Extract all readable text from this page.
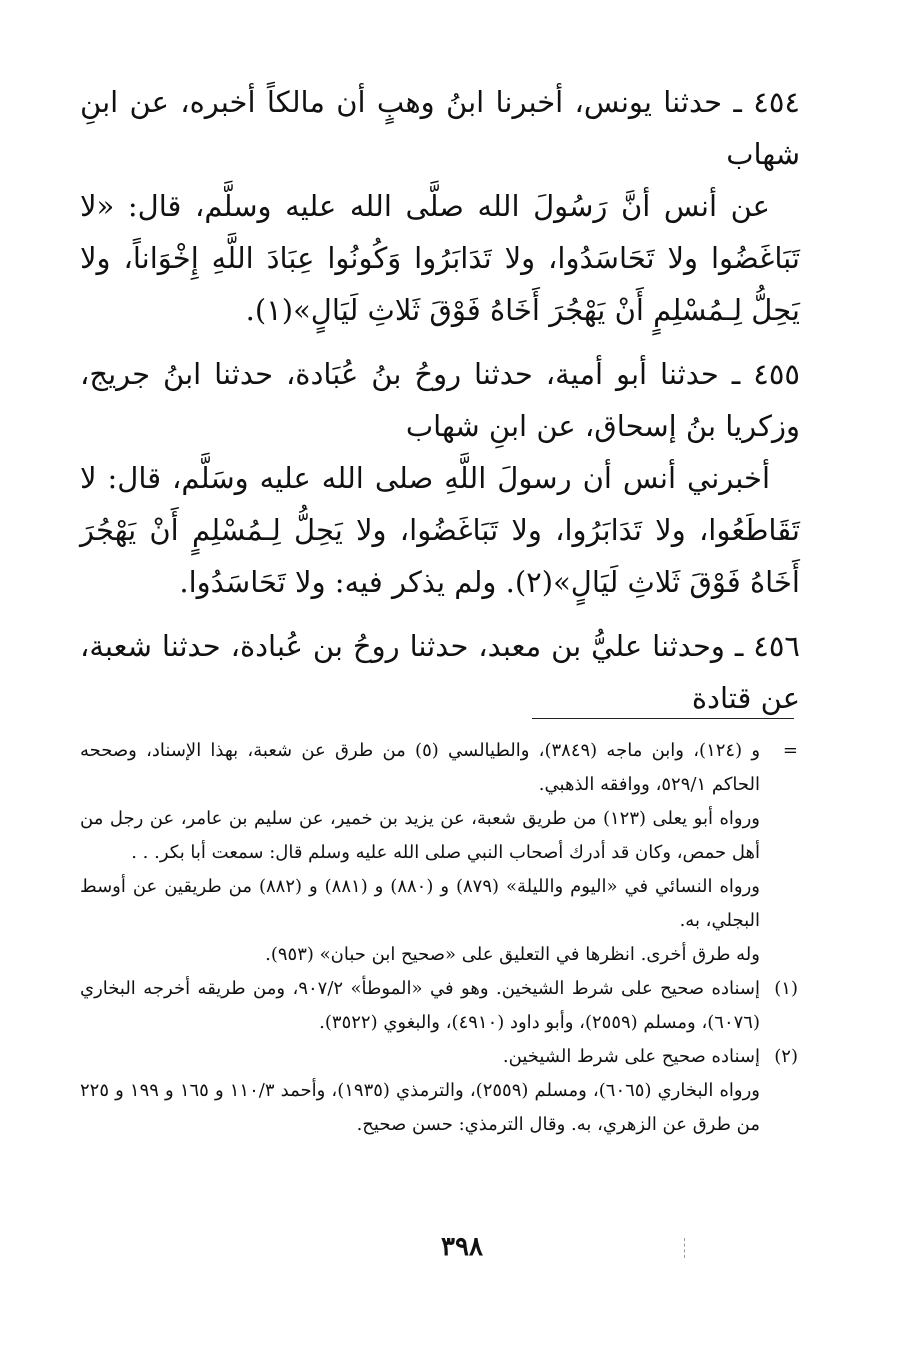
٤٥٤ ـ حدثنا يونس، أخبرنا ابنُ وهبٍ أن مالكاً أخبره، عن ابنِ شهاب

عن أنس أنَّ رَسُولَ الله صلَّى الله عليه وسلَّم، قال: «لا تَبَاغَضُوا ولا تَحَاسَدُوا، ولا تَدَابَرُوا وَكُونُوا عِبَادَ اللَّهِ إِخْوَاناً، ولا يَحِلُّ لِـمُسْلِمٍ أَنْ يَهْجُرَ أَخَاهُ فَوْقَ ثَلاثِ لَيَالٍ»(١).

٤٥٥ ـ حدثنا أبو أمية، حدثنا روحُ بنُ عُبَادة، حدثنا ابنُ جريج، وزكريا بنُ إسحاق، عن ابنِ شهاب

أخبرني أنس أن رسولَ اللَّهِ صلى الله عليه وسَلَّم، قال: لا تَقَاطَعُوا، ولا تَدَابَرُوا، ولا تَبَاغَضُوا، ولا يَحِلُّ لِـمُسْلِمٍ أَنْ يَهْجُرَ أَخَاهُ فَوْقَ ثَلاثِ لَيَالٍ»(٢). ولم يذكر فيه: ولا تَحَاسَدُوا.

٤٥٦ ـ وحدثنا عليُّ بن معبد، حدثنا روحُ بن عُبادة، حدثنا شعبة، عن قتادة

=

و (١٢٤)، وابن ماجه (٣٨٤٩)، والطيالسي (٥) من طرق عن شعبة، بهذا الإسناد، وصححه الحاكم ٥٢٩/١، ووافقه الذهبي.

ورواه أبو يعلى (١٢٣) من طريق شعبة، عن يزيد بن خمير، عن سليم بن عامر، عن رجل من أهل حمص، وكان قد أدرك أصحاب النبي صلى الله عليه وسلم قال: سمعت أبا بكر. . .

ورواه النسائي في «اليوم والليلة» (٨٧٩) و (٨٨٠) و (٨٨١) و (٨٨٢) من طريقين عن أوسط البجلي، به.

وله طرق أخرى. انظرها في التعليق على «صحيح ابن حبان» (٩٥٣).

(١)

إسناده صحيح على شرط الشيخين. وهو في «الموطأ» ٩٠٧/٢، ومن طريقه أخرجه البخاري (٦٠٧٦)، ومسلم (٢٥٥٩)، وأبو داود (٤٩١٠)، والبغوي (٣٥٢٢).

(٢)

إسناده صحيح على شرط الشيخين.

ورواه البخاري (٦٠٦٥)، ومسلم (٢٥٥٩)، والترمذي (١٩٣٥)، وأحمد ١١٠/٣ و ١٦٥ و ١٩٩ و ٢٢٥ من طرق عن الزهري، به. وقال الترمذي: حسن صحيح.

٣٩٨
